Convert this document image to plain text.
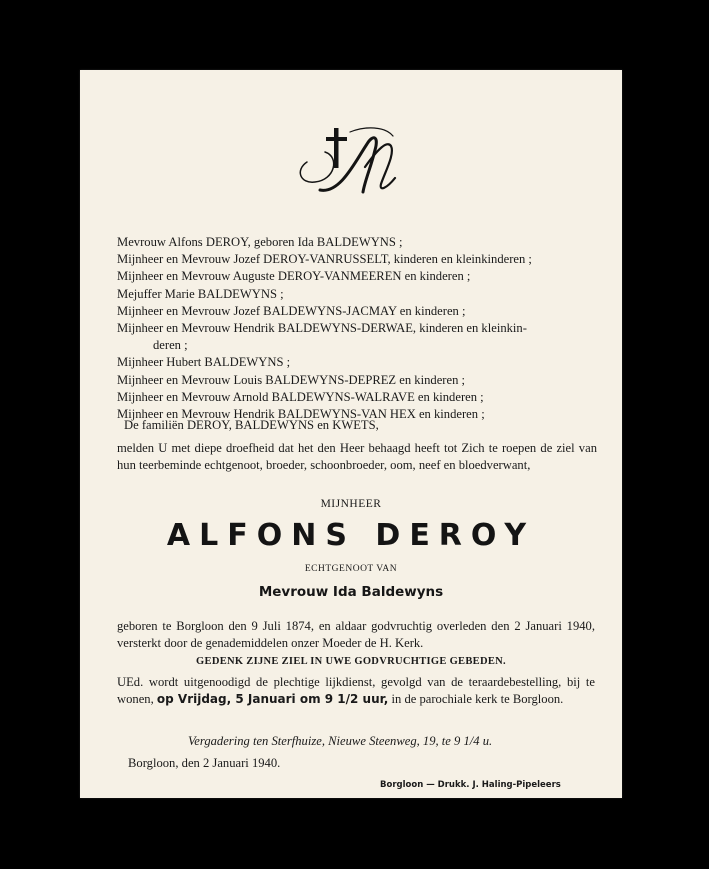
Mevrouw Alfons DEROY, geboren Ida BALDEWYNS ;
Mijnheer en Mevrouw Jozef DEROY-VANRUSSELT, kinderen en kleinkinderen ;
Mijnheer en Mevrouw Auguste DEROY-VANMEEREN en kinderen ;
Mejuffer Marie BALDEWYNS ;
Mijnheer en Mevrouw Jozef BALDEWYNS-JACMAY en kinderen ;
Mijnheer en Mevrouw Hendrik BALDEWYNS-DERWAE, kinderen en kleinkin-
deren ;
Mijnheer Hubert BALDEWYNS ;
Mijnheer en Mevrouw Louis BALDEWYNS-DEPREZ en kinderen ;
Mijnheer en Mevrouw Arnold BALDEWYNS-WALRAVE en kinderen ;
Mijnheer en Mevrouw Hendrik BALDEWYNS-VAN HEX en kinderen ;
De familiën DEROY, BALDEWYNS en KWETS,
melden U met diepe droefheid dat het den Heer behaagd heeft tot Zich te roepen de ziel van hun teerbeminde echtgenoot, broeder, schoonbroeder, oom, neef en bloedverwant,
MIJNHEER
ALFONS DEROY
ECHTGENOOT VAN
Mevrouw Ida Baldewyns
geboren te Borgloon den 9 Juli 1874, en aldaar godvruchtig overleden den 2 Januari 1940, versterkt door de genademiddelen onzer Moeder de H. Kerk.
GEDENK ZIJNE ZIEL IN UWE GODVRUCHTIGE GEBEDEN.
UEd. wordt uitgenoodigd de plechtige lijkdienst, gevolgd van de teraardebestelling, bij te wonen, op Vrijdag, 5 Januari om 9 1/2 uur, in de parochiale kerk te Borgloon.
Vergadering ten Sterfhuize, Nieuwe Steenweg, 19, te 9 1/4 u.
Borgloon, den 2 Januari 1940.
Borgloon — Drukk. J. Haling-Pipeleers
